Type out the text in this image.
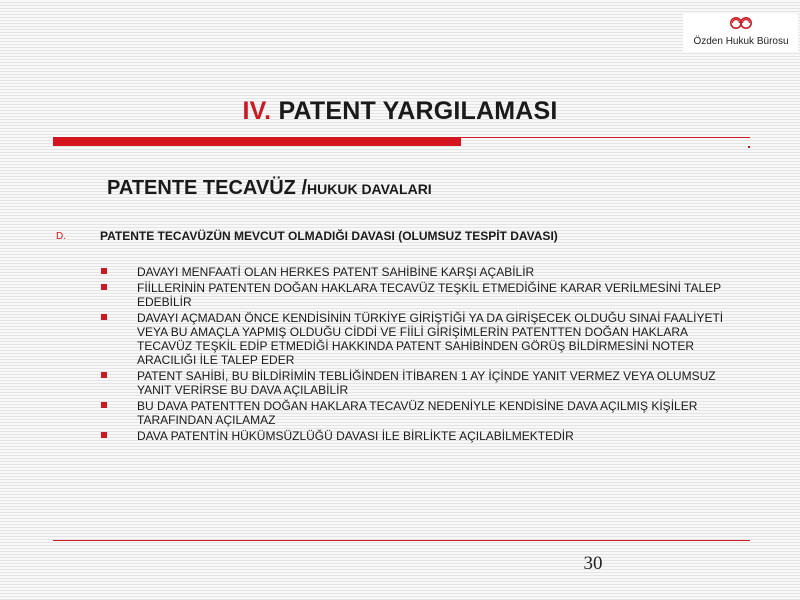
Özden Hukuk Bürosu
IV. PATENT YARGILAMASI
PATENTE TECAVÜZ /HUKUK DAVALARI
D.	PATENTE TECAVÜZÜN MEVCUT OLMADIĞI DAVASI (OLUMSUZ TESPİT DAVASI)
DAVAYI MENFAATİ OLAN HERKES PATENT SAHİBİNE KARŞI AÇABİLİR
FİİLLERİNİN PATENTEN DOĞAN HAKLARA TECAVÜZ TEŞKİL ETMEDİĞİNE KARAR VERİLMESİNİ TALEP EDEBİLİR
DAVAYI AÇMADAN ÖNCE KENDİSİNİN TÜRKİYE GİRİŞTİĞİ YA DA GİRİŞECEK OLDUĞU SINAİ FAALİYETİ VEYA BU AMAÇLA YAPMIŞ OLDUĞU CİDDİ VE FİİLİ GİRİŞİMLERİN PATENTTEN DOĞAN HAKLARA TECAVÜZ TEŞKİL EDİP ETMEDİĞİ HAKKINDA PATENT SAHİBİNDEN GÖRÜŞ BİLDİRMESİNİ NOTER ARACILIĞI İLE TALEP EDER
PATENT SAHİBİ, BU BİLDİRİMİN TEBLİĞİNDEN İTİBAREN 1 AY İÇİNDE YANIT VERMEZ VEYA OLUMSUZ YANIT VERİRSE BU DAVA AÇILABİLİR
BU DAVA PATENTTEN DOĞAN HAKLARA TECAVÜZ NEDENİYLE KENDİSİNE DAVA AÇILMIŞ KİŞİLER TARAFINDAN AÇILAMAZ
DAVA PATENTİN HÜKÜMSÜZLÜĞÜ DAVASI İLE BİRLİKTE AÇILABİLMEKTEDİR
30
